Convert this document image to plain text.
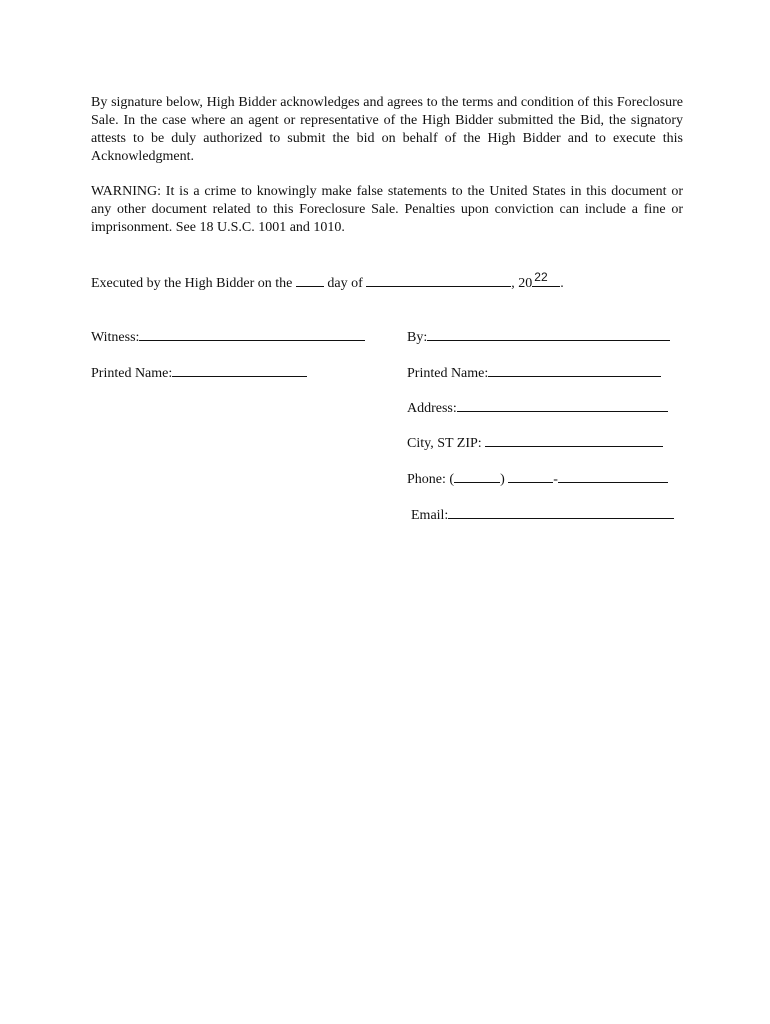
By signature below, High Bidder acknowledges and agrees to the terms and condition of this Foreclosure Sale. In the case where an agent or representative of the High Bidder submitted the Bid, the signatory attests to be duly authorized to submit the bid on behalf of the High Bidder and to execute this Acknowledgment.

WARNING: It is a crime to knowingly make false statements to the United States in this document or any other document related to this Foreclosure Sale. Penalties upon conviction can include a fine or imprisonment. See 18 U.S.C. 1001 and 1010.

Executed by the High Bidder on the	day of	, 20 22 .
Witness:
Printed Name:
By:
Printed Name:
Address:
City, ST ZIP:
Phone: (	)	-
Email:
